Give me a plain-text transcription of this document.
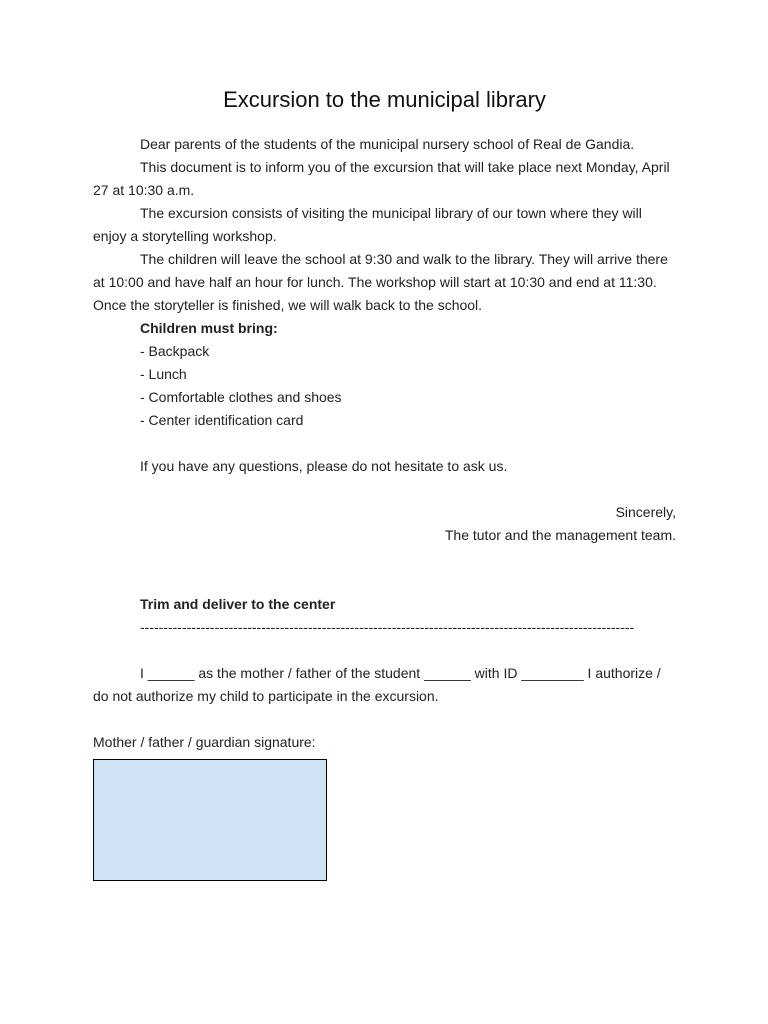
Excursion to the municipal library

Dear parents of the students of the municipal nursery school of Real de Gandia.

This document is to inform you of the excursion that will take place next Monday, April 27 at 10:30 a.m.

The excursion consists of visiting the municipal library of our town where they will enjoy a storytelling workshop.

The children will leave the school at 9:30 and walk to the library. They will arrive there at 10:00 and have half an hour for lunch. The workshop will start at 10:30 and end at 11:30. Once the storyteller is finished, we will walk back to the school.

Children must bring:

- Backpack

- Lunch

- Comfortable clothes and shoes

- Center identification card

If you have any questions, please do not hesitate to ask us.

Sincerely,

The tutor and the management team.

Trim and deliver to the center

----------------------------------------------------------------------------------------------------------

I ______ as the mother / father of the student ______ with ID ________ I authorize / do not authorize my child to participate in the excursion.

Mother / father / guardian signature:
